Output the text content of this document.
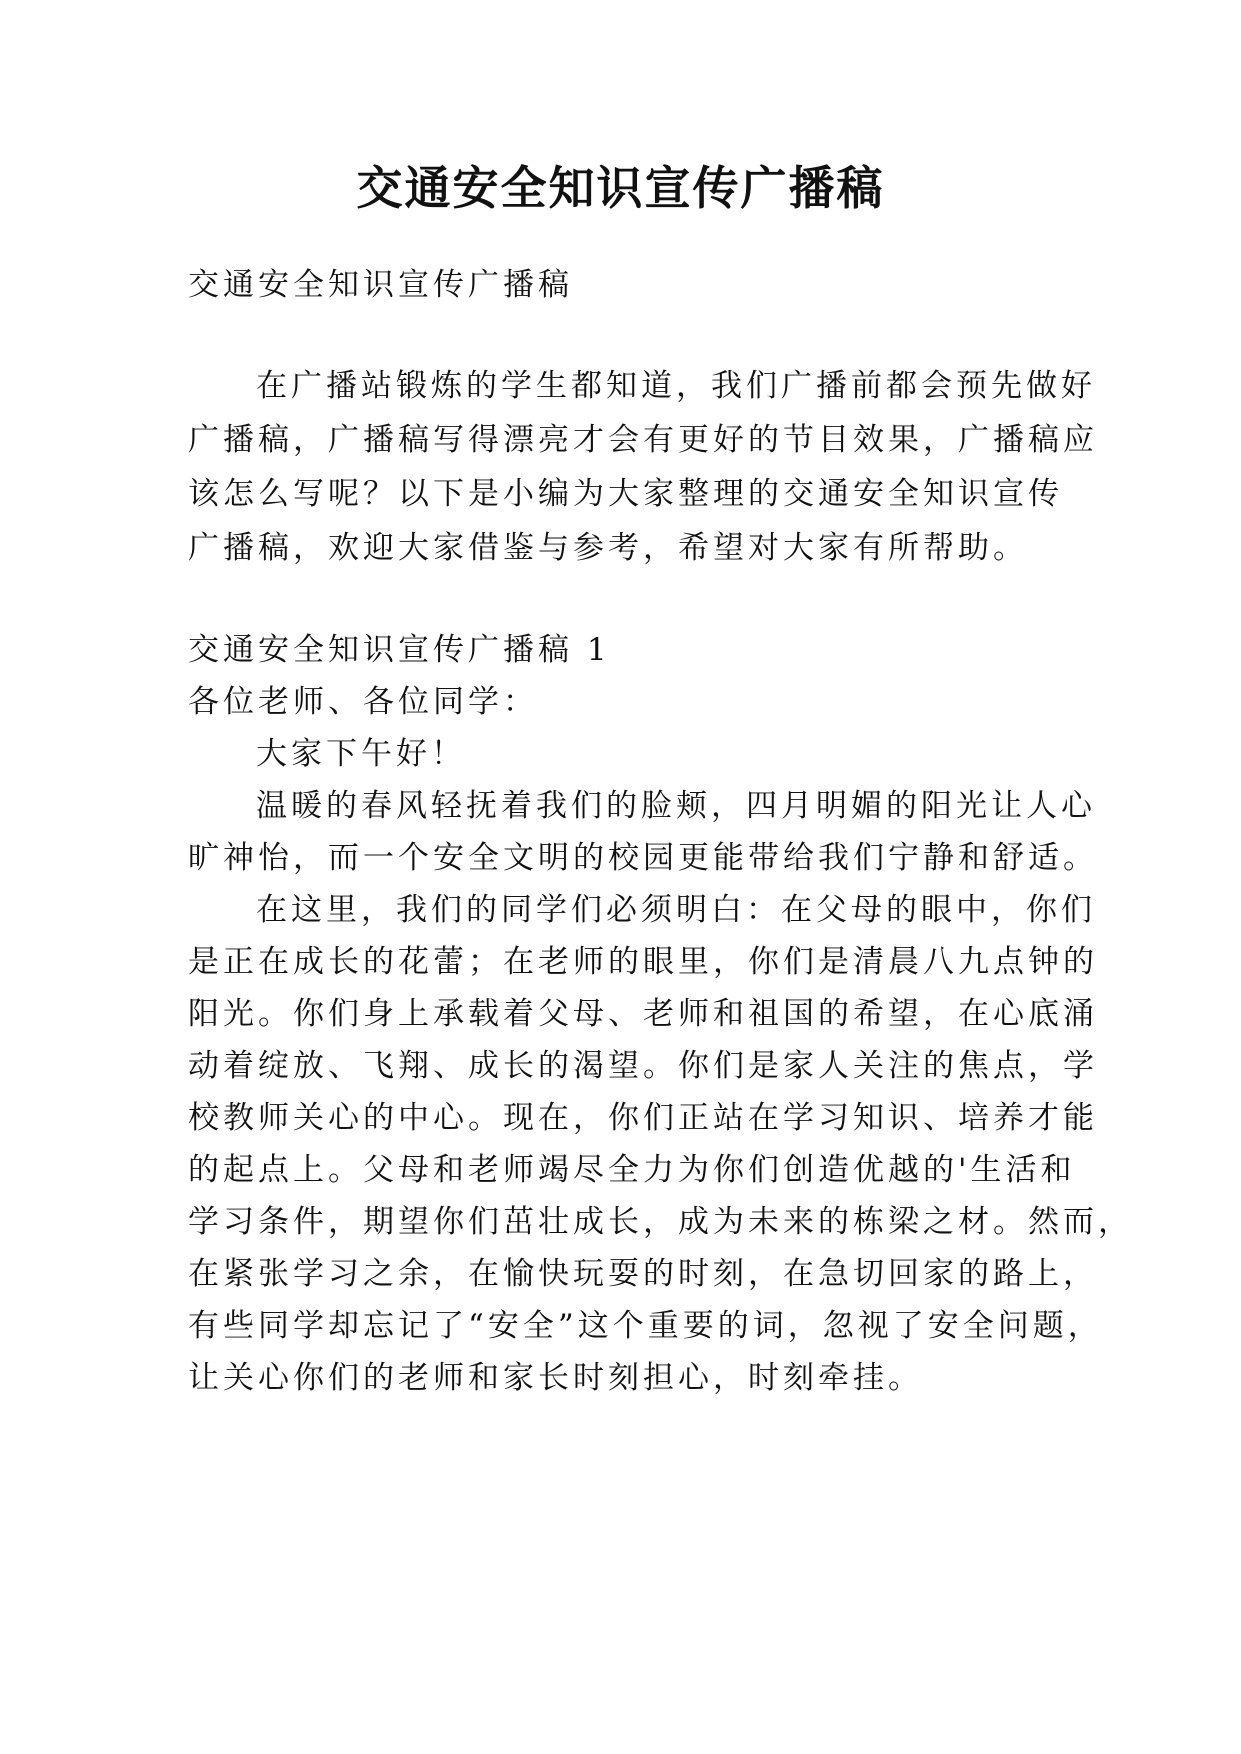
交通安全知识宣传广播稿

交通安全知识宣传广播稿

在广播站锻炼的学生都知道，我们广播前都会预先做好

广播稿，广播稿写得漂亮才会有更好的节目效果，广播稿应

该怎么写呢？以下是小编为大家整理的交通安全知识宣传

广播稿，欢迎大家借鉴与参考，希望对大家有所帮助。

交通安全知识宣传广播稿 1

各位老师、各位同学：

大家下午好！

温暖的春风轻抚着我们的脸颊，四月明媚的阳光让人心

旷神怡，而一个安全文明的校园更能带给我们宁静和舒适。

在这里，我们的同学们必须明白：在父母的眼中，你们

是正在成长的花蕾；在老师的眼里，你们是清晨八九点钟的

阳光。你们身上承载着父母、老师和祖国的希望，在心底涌

动着绽放、飞翔、成长的渴望。你们是家人关注的焦点，学

校教师关心的中心。现在，你们正站在学习知识、培养才能

的起点上。父母和老师竭尽全力为你们创造优越的'生活和

学习条件，期望你们茁壮成长，成为未来的栋梁之材。然而，

在紧张学习之余，在愉快玩耍的时刻，在急切回家的路上，

有些同学却忘记了“安全”这个重要的词，忽视了安全问题，

让关心你们的老师和家长时刻担心，时刻牵挂。
